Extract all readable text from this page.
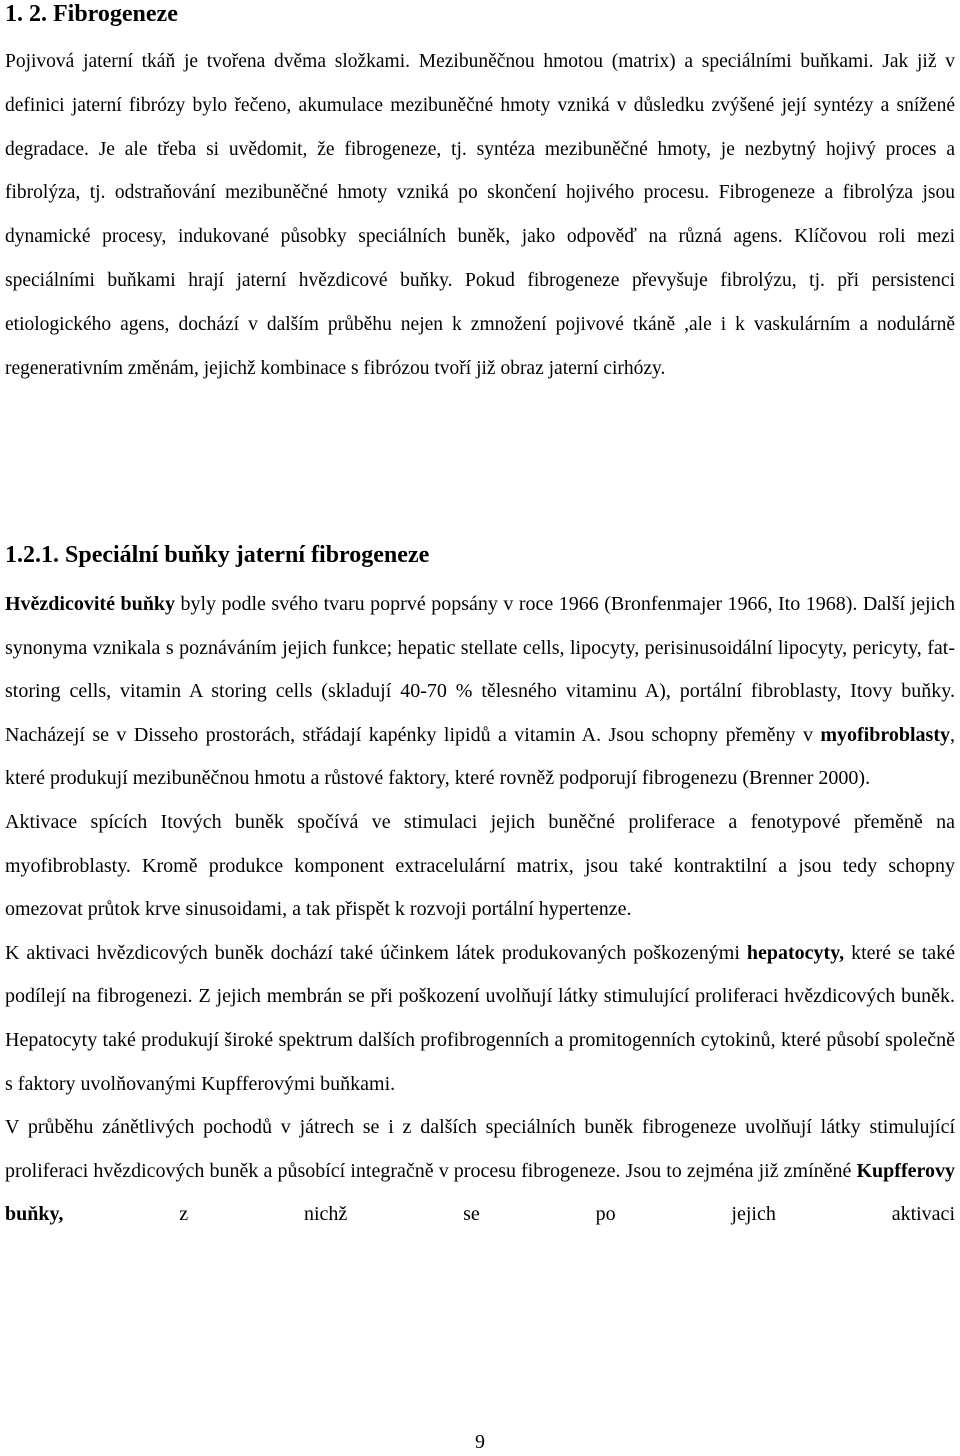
1. 2. Fibrogeneze

Pojivová jaterní tkáň je tvořena dvěma složkami. Mezibuněčnou hmotou (matrix) a speciálními buňkami. Jak již v definici jaterní fibrózy bylo řečeno, akumulace mezibuněčné hmoty vzniká v důsledku zvýšené její syntézy a snížené degradace. Je ale třeba si uvědomit, že fibrogeneze, tj. syntéza mezibuněčné hmoty, je nezbytný hojivý proces a fibrolýza, tj. odstraňování mezibuněčné hmoty vzniká po skončení hojivého procesu. Fibrogeneze a fibrolýza jsou dynamické procesy, indukované působky speciálních buněk, jako odpověď na různá agens. Klíčovou roli mezi speciálními buňkami hrají jaterní hvězdicové buňky. Pokud fibrogeneze převyšuje fibrolýzu, tj. při persistenci etiologického agens, dochází v dalším průběhu nejen k zmnožení pojivové tkáně ,ale i k vaskulárním a nodulárně regenerativním změnám, jejichž kombinace s fibrózou tvoří již obraz jaterní cirhózy.

1.2.1. Speciální buňky jaterní fibrogeneze

Hvězdicovité buňky byly podle svého tvaru poprvé popsány v roce 1966 (Bronfenmajer 1966, Ito 1968). Další jejich synonyma vznikala s poznáváním jejich funkce; hepatic stellate cells, lipocyty, perisinusoidální lipocyty, pericyty, fat-storing cells, vitamin A storing cells (skladují 40-70 % tělesného vitaminu A), portální fibroblasty, Itovy buňky. Nacházejí se v Disseho prostorách, střádají kapénky lipidů a vitamin A. Jsou schopny přeměny v myofibroblasty, které produkují mezibuněčnou hmotu a růstové faktory, které rovněž podporují fibrogenezu (Brenner 2000).

Aktivace spících Itových buněk spočívá ve stimulaci jejich buněčné proliferace a fenotypové přeměně na myofibroblasty. Kromě produkce komponent extracelulární matrix, jsou také kontraktilní a jsou tedy schopny omezovat průtok krve sinusoidami, a tak přispět k rozvoji portální hypertenze.

K aktivaci hvězdicových buněk dochází také účinkem látek produkovaných poškozenými hepatocyty, které se také podílejí na fibrogenezi. Z jejich membrán se při poškození uvolňují látky stimulující proliferaci hvězdicových buněk. Hepatocyty také produkují široké spektrum dalších profibrogenních a promitogenních cytokinů, které působí společně s faktory uvolňovanými Kupfferovými buňkami.

V průběhu zánětlivých pochodů v játrech se i z dalších speciálních buněk fibrogeneze uvolňují látky stimulující proliferaci hvězdicových buněk a působící integračně v procesu fibrogeneze. Jsou to zejména již zmíněné Kupfferovy buňky, z nichž se po jejich aktivaci

9
